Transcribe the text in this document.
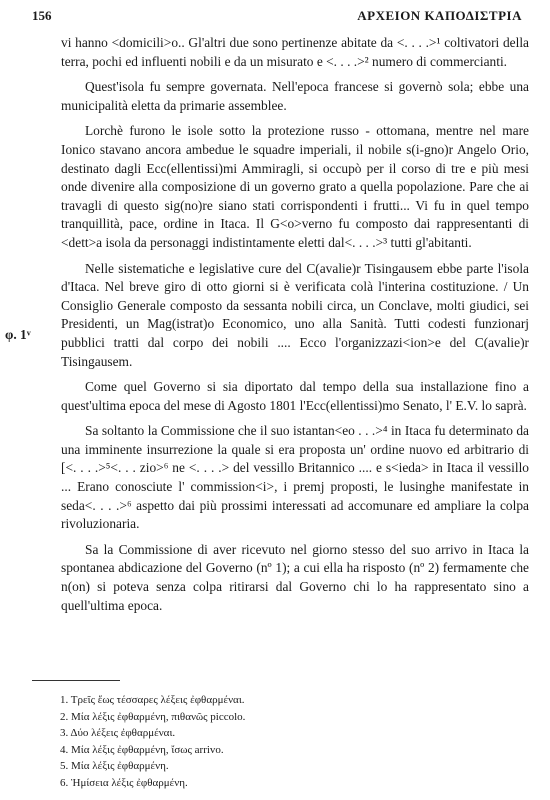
156	ΑΡΧΕΙΟΝ ΚΑΠΟΔΙΣΤΡΙΑ
φ. 1ᵛ

vi hanno <domicili>o.. Gl'altri due sono pertinenze abitate da <. . . .>¹ coltivatori della terra, pochi ed influenti nobili e da un misurato e <. . . .>² numero di commercianti.

Quest'isola fu sempre governata. Nell'epoca francese si governò sola; ebbe una municipalità eletta da primarie assemblee.

Lorchè furono le isole sotto la protezione russo - ottomana, mentre nel mare Ionico stavano ancora ambedue le squadre imperiali, il nobile s(i-gno)r Angelo Orio, destinato dagli Ecc(ellentissi)mi Ammiragli, si occupò per il corso di tre e più mesi onde divenire alla composizione di un governo grato a quella popolazione. Pare che ai travagli di questo sig(no)re siano stati corrispondenti i frutti... Vi fu in quel tempo tranquillità, pace, ordine in Itaca. Il G<o>verno fu composto dai rappresentanti di <dett>a isola da personaggi indistintamente eletti dal<. . . .>³ tutti gl'abitanti.

Nelle sistematiche e legislative cure del C(avalie)r Tisingausem ebbe parte l'isola d'Itaca. Nel breve giro di otto giorni si è verificata colà l'interina costituzione. / Un Consiglio Generale composto da sessanta nobili circa, un Conclave, molti giudici, sei Presidenti, un Mag(istrat)o Economico, uno alla Sanità. Tutti codesti funzionarj pubblici tratti dal corpo dei nobili .... Ecco l'organizzazi<ion>e del C(avalie)r Tisingausem.

Come quel Governo si sia diportato dal tempo della sua installazione fino a quest'ultima epoca del mese di Agosto 1801 l'Ecc(ellentissi)mo Senato, l' E.V. lo saprà.

Sa soltanto la Commissione che il suo istantan<eo . . .>⁴ in Itaca fu determinato da una imminente insurrezione la quale si era proposta un' ordine nuovo ed arbitrario di [<. . . .>⁵<. . . zio>⁶ ne <. . . .> del vessillo Britannico .... e s<ieda> in Itaca il vessillo ... Erano conosciute l' commission<i>, i premj proposti, le lusinghe manifestate in seda<. . . .>⁶ aspetto dai più prossimi interessati ad accomunare ed ampliare la colpa rivoluzionaria.

Sa la Commissione di aver ricevuto nel giorno stesso del suo arrivo in Itaca la spontanea abdicazione del Governo (nº 1); a cui ella ha risposto (nº 2) fermamente che n(on) si poteva senza colpa ritirarsi dal Governo chi lo ha rappresentato sino a quell'ultima epoca.

1. Τρεῖς ἕως τέσσαρες λέξεις ἐφθαρμέναι.

2. Μία λέξις ἐφθαρμένη, πιθανῶς piccolo.

3. Δύο λέξεις ἐφθαρμέναι.

4. Μία λέξις ἐφθαρμένη, ἴσως arrivo.

5. Μία λέξις ἐφθαρμένη.

6. Ἡμίσεια λέξις ἐφθαρμένη.
